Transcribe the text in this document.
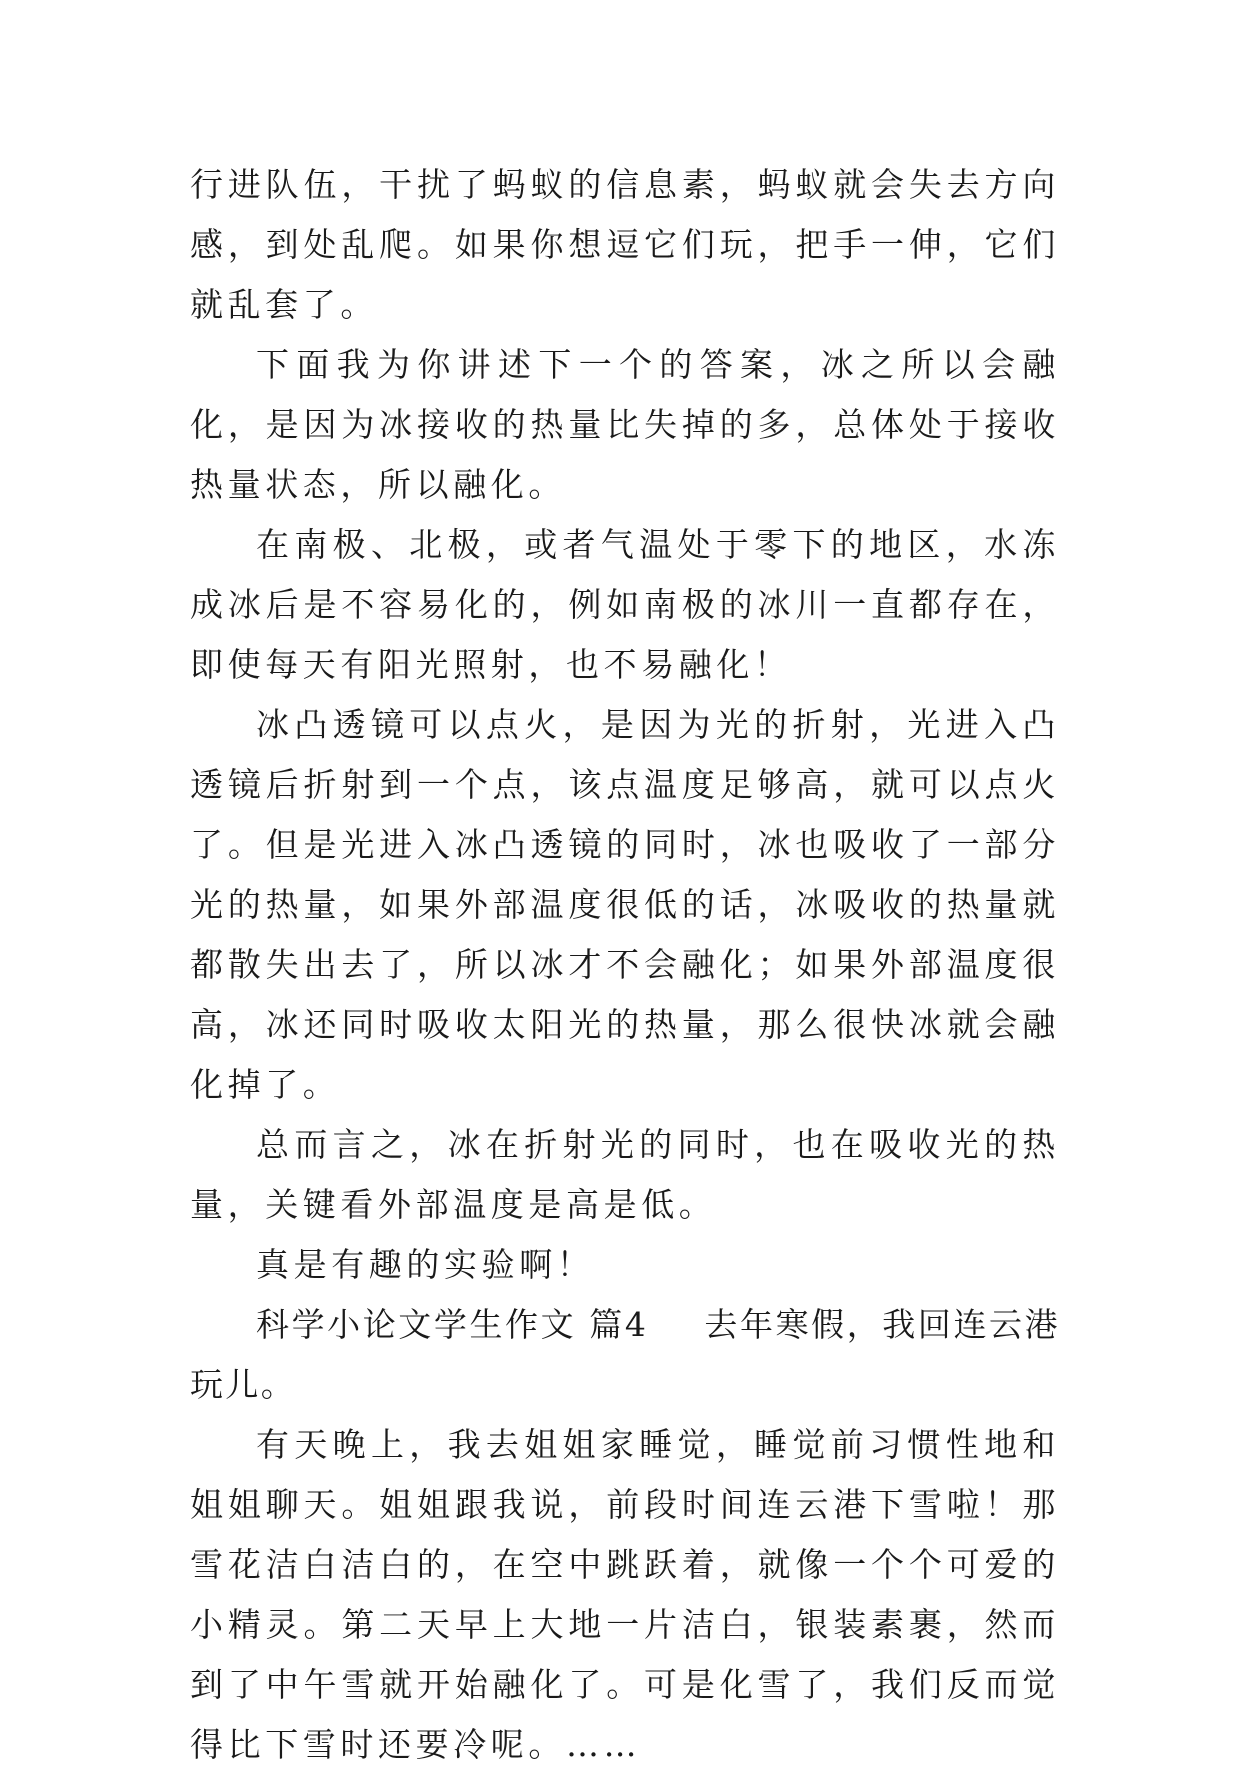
行进队伍，干扰了蚂蚁的信息素，蚂蚁就会失去方向感，到处乱爬。如果你想逗它们玩，把手一伸，它们就乱套了。

下面我为你讲述下一个的答案，冰之所以会融化，是因为冰接收的热量比失掉的多，总体处于接收热量状态，所以融化。

在南极、北极，或者气温处于零下的地区，水冻成冰后是不容易化的，例如南极的冰川一直都存在，即使每天有阳光照射，也不易融化！

冰凸透镜可以点火，是因为光的折射，光进入凸透镜后折射到一个点，该点温度足够高，就可以点火了。但是光进入冰凸透镜的同时，冰也吸收了一部分光的热量，如果外部温度很低的话，冰吸收的热量就都散失出去了，所以冰才不会融化；如果外部温度很高，冰还同时吸收太阳光的热量，那么很快冰就会融化掉了。

总而言之，冰在折射光的同时，也在吸收光的热量，关键看外部温度是高是低。

真是有趣的实验啊！

科学小论文学生作文 篇4 去年寒假，我回连云港玩儿。

有天晚上，我去姐姐家睡觉，睡觉前习惯性地和姐姐聊天。姐姐跟我说，前段时间连云港下雪啦！那雪花洁白洁白的，在空中跳跃着，就像一个个可爱的小精灵。第二天早上大地一片洁白，银装素裹，然而到了中午雪就开始融化了。可是化雪了，我们反而觉得比下雪时还要冷呢。……
